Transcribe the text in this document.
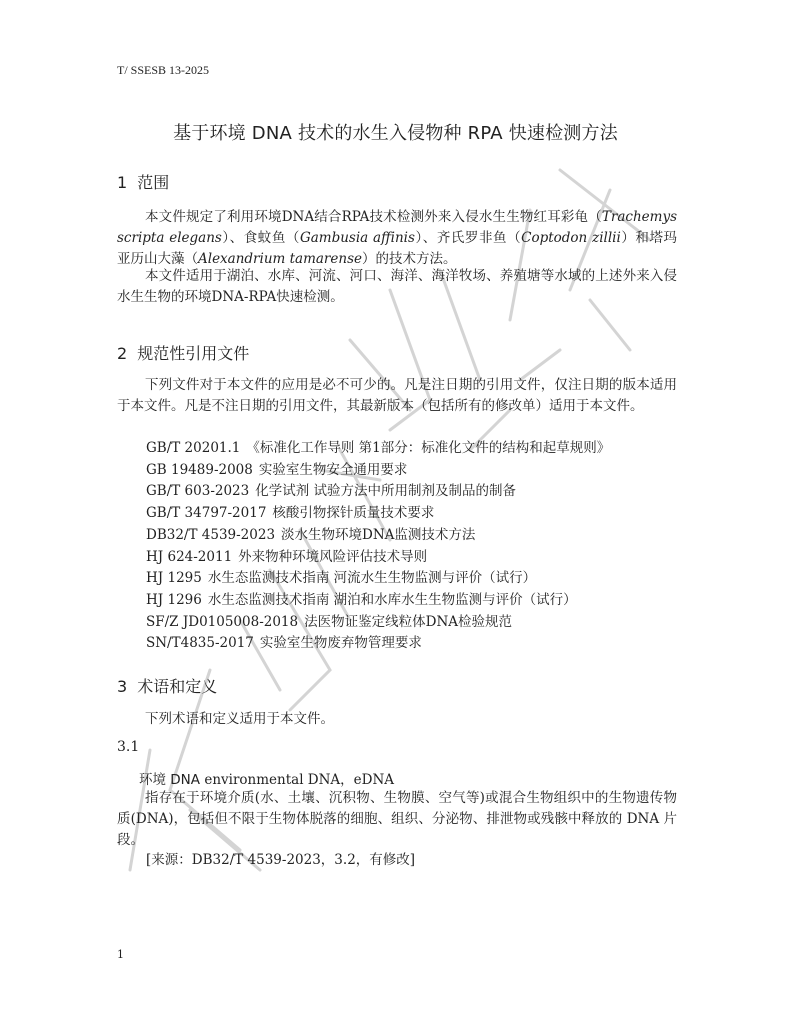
T/ SSESB 13-2025
基于环境 DNA 技术的水生入侵物种 RPA 快速检测方法
1 范围
本文件规定了利用环境DNA结合RPA技术检测外来入侵水生生物红耳彩龟（Trachemys scripta elegans）、食蚊鱼（Gambusia affinis）、齐氏罗非鱼（Coptodon zillii）和塔玛亚历山大藻（Alexandrium tamarense）的技术方法。
本文件适用于湖泊、水库、河流、河口、海洋、海洋牧场、养殖塘等水域的上述外来入侵水生生物的环境DNA-RPA快速检测。
2 规范性引用文件
下列文件对于本文件的应用是必不可少的。凡是注日期的引用文件，仅注日期的版本适用于本文件。凡是不注日期的引用文件，其最新版本（包括所有的修改单）适用于本文件。
GB/T 20201.1 《标准化工作导则 第1部分：标准化文件的结构和起草规则》
GB 19489-2008 实验室生物安全通用要求
GB/T 603-2023 化学试剂 试验方法中所用制剂及制品的制备
GB/T 34797-2017 核酸引物探针质量技术要求
DB32/T 4539-2023 淡水生物环境DNA监测技术方法
HJ 624-2011 外来物种环境风险评估技术导则
HJ 1295 水生态监测技术指南 河流水生生物监测与评价（试行）
HJ 1296 水生态监测技术指南 湖泊和水库水生生物监测与评价（试行）
SF/Z JD0105008-2018 法医物证鉴定线粒体DNA检验规范
SN/T4835-2017 实验室生物废弃物管理要求
3 术语和定义
下列术语和定义适用于本文件。
3.1
环境 DNA environmental DNA，eDNA
指存在于环境介质(水、土壤、沉积物、生物膜、空气等)或混合生物组织中的生物遗传物质(DNA)，包括但不限于生物体脱落的细胞、组织、分泌物、排泄物或残骸中释放的 DNA 片段。
[来源：DB32/T 4539-2023，3.2，有修改]
1
